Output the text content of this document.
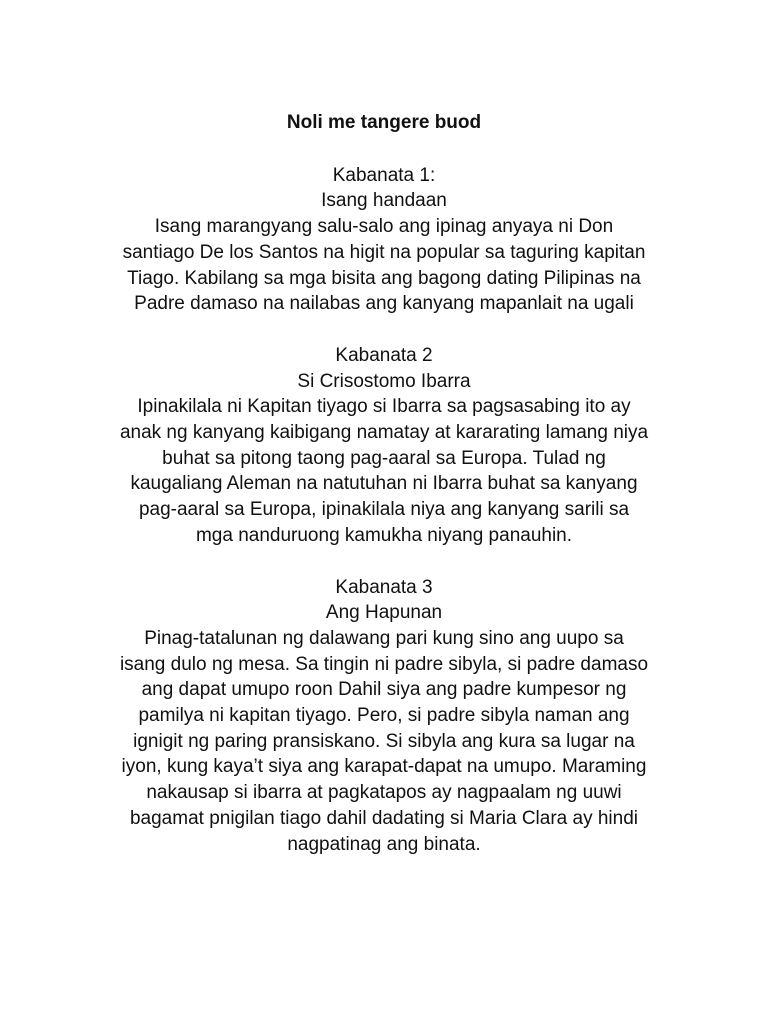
Noli me tangere buod

Kabanata 1:
Isang handaan
Isang marangyang salu-salo ang ipinag anyaya ni Don
santiago De los Santos na higit na popular sa taguring kapitan
Tiago. Kabilang sa mga bisita ang bagong dating Pilipinas na
Padre damaso na nailabas ang kanyang mapanlait na ugali
Kabanata 2
Si Crisostomo Ibarra
Ipinakilala ni Kapitan tiyago si Ibarra sa pagsasabing ito ay
anak ng kanyang kaibigang namatay at kararating lamang niya
buhat sa pitong taong pag-aaral sa Europa. Tulad ng
kaugaliang Aleman na natutuhan ni Ibarra buhat sa kanyang
pag-aaral sa Europa, ipinakilala niya ang kanyang sarili sa
mga nanduruong kamukha niyang panauhin.
Kabanata 3
Ang Hapunan
Pinag-tatalunan ng dalawang pari kung sino ang uupo sa
isang dulo ng mesa. Sa tingin ni padre sibyla, si padre damaso
ang dapat umupo roon Dahil siya ang padre kumpesor ng
pamilya ni kapitan tiyago. Pero, si padre sibyla naman ang
ignigit ng paring pransiskano. Si sibyla ang kura sa lugar na
iyon, kung kaya’t siya ang karapat-dapat na umupo. Maraming
nakausap si ibarra at pagkatapos ay nagpaalam ng uuwi
bagamat pnigilan tiago dahil dadating si Maria Clara ay hindi
nagpatinag ang binata.
